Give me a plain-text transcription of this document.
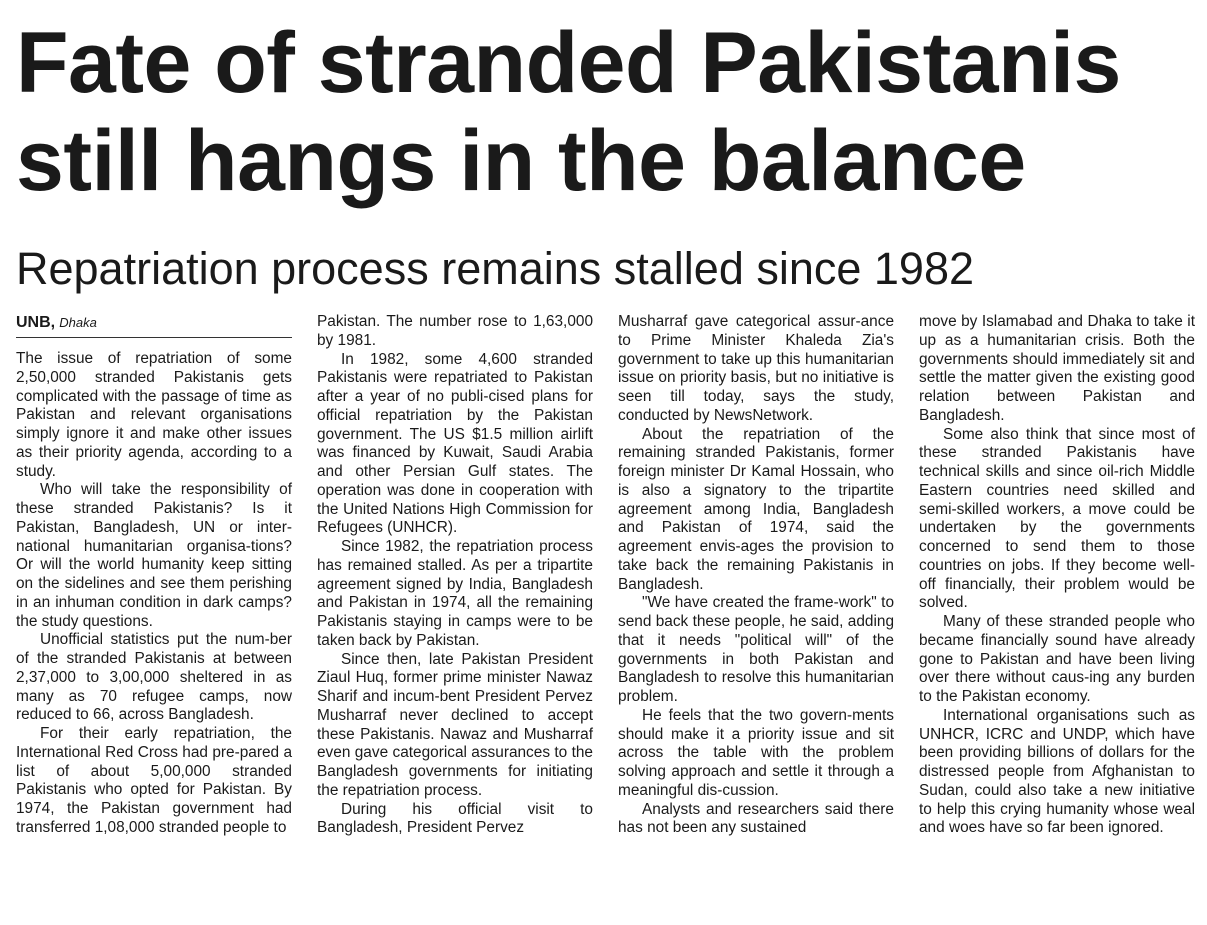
Fate of stranded Pakistanis
still hangs in the balance
Repatriation process remains stalled since 1982
UNB, Dhaka

The issue of repatriation of some 2,50,000 stranded Pakistanis gets complicated with the passage of time as Pakistan and relevant organisations simply ignore it and make other issues as their priority agenda, according to a study.

Who will take the responsibility of these stranded Pakistanis? Is it Pakistan, Bangladesh, UN or inter-national humanitarian organisa-tions? Or will the world humanity keep sitting on the sidelines and see them perishing in an inhuman condition in dark camps? the study questions.

Unofficial statistics put the num-ber of the stranded Pakistanis at between 2,37,000 to 3,00,000 sheltered in as many as 70 refugee camps, now reduced to 66, across Bangladesh.

For their early repatriation, the International Red Cross had pre-pared a list of about 5,00,000 stranded Pakistanis who opted for Pakistan. By 1974, the Pakistan government had transferred 1,08,000 stranded people to

Pakistan. The number rose to 1,63,000 by 1981.

In 1982, some 4,600 stranded Pakistanis were repatriated to Pakistan after a year of no publi-cised plans for official repatriation by the Pakistan government. The US $1.5 million airlift was financed by Kuwait, Saudi Arabia and other Persian Gulf states. The operation was done in cooperation with the United Nations High Commission for Refugees (UNHCR).

Since 1982, the repatriation process has remained stalled. As per a tripartite agreement signed by India, Bangladesh and Pakistan in 1974, all the remaining Pakistanis staying in camps were to be taken back by Pakistan.

Since then, late Pakistan President Ziaul Huq, former prime minister Nawaz Sharif and incum-bent President Pervez Musharraf never declined to accept these Pakistanis. Nawaz and Musharraf even gave categorical assurances to the Bangladesh governments for initiating the repatriation process.

During his official visit to Bangladesh, President Pervez

Musharraf gave categorical assur-ance to Prime Minister Khaleda Zia's government to take up this humanitarian issue on priority basis, but no initiative is seen till today, says the study, conducted by NewsNetwork.

About the repatriation of the remaining stranded Pakistanis, former foreign minister Dr Kamal Hossain, who is also a signatory to the tripartite agreement among India, Bangladesh and Pakistan of 1974, said the agreement envis-ages the provision to take back the remaining Pakistanis in Bangladesh.

"We have created the frame-work" to send back these people, he said, adding that it needs "political will" of the governments in both Pakistan and Bangladesh to resolve this humanitarian problem.

He feels that the two govern-ments should make it a priority issue and sit across the table with the problem solving approach and settle it through a meaningful dis-cussion.

Analysts and researchers said there has not been any sustained

move by Islamabad and Dhaka to take it up as a humanitarian crisis. Both the governments should immediately sit and settle the matter given the existing good relation between Pakistan and Bangladesh.

Some also think that since most of these stranded Pakistanis have technical skills and since oil-rich Middle Eastern countries need skilled and semi-skilled workers, a move could be undertaken by the governments concerned to send them to those countries on jobs. If they become well-off financially, their problem would be solved.

Many of these stranded people who became financially sound have already gone to Pakistan and have been living over there without caus-ing any burden to the Pakistan economy.

International organisations such as UNHCR, ICRC and UNDP, which have been providing billions of dollars for the distressed people from Afghanistan to Sudan, could also take a new initiative to help this crying humanity whose weal and woes have so far been ignored.
